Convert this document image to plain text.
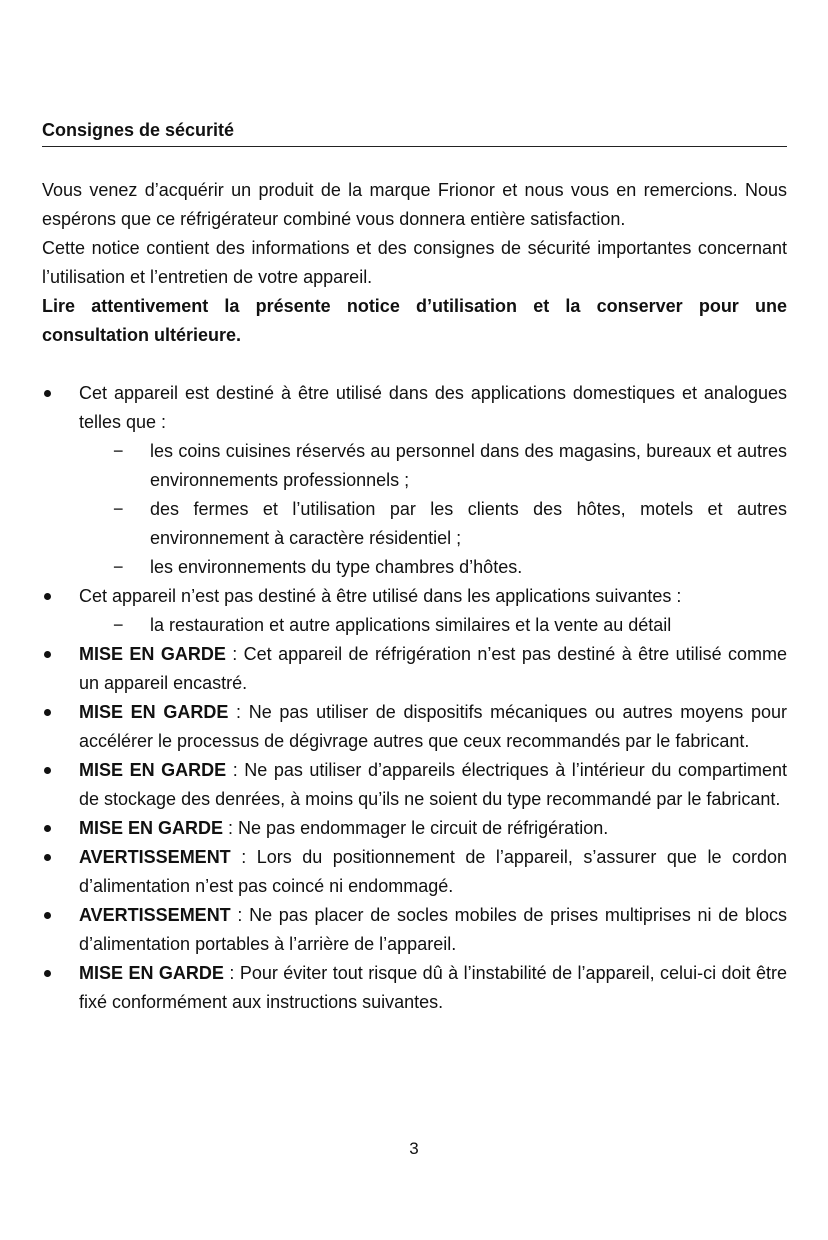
Consignes de sécurité

Vous venez d’acquérir un produit de la marque Frionor et nous vous en remercions. Nous espérons que ce réfrigérateur combiné vous donnera entière satisfaction.

Cette notice contient des informations et des consignes de sécurité importantes concernant l’utilisation et l’entretien de votre appareil.

Lire attentivement la présente notice d’utilisation et la conserver pour une consultation ultérieure.

Cet appareil est destiné à être utilisé dans des applications domestiques et analogues telles que :
− les coins cuisines réservés au personnel dans des magasins, bureaux et autres environnements professionnels ;
− des fermes et l’utilisation par les clients des hôtes, motels et autres environnement à caractère résidentiel ;
− les environnements du type chambres d’hôtes.
Cet appareil n’est pas destiné à être utilisé dans les applications suivantes :
− la restauration et autre applications similaires et la vente au détail
MISE EN GARDE : Cet appareil de réfrigération n’est pas destiné à être utilisé comme un appareil encastré.
MISE EN GARDE : Ne pas utiliser de dispositifs mécaniques ou autres moyens pour accélérer le processus de dégivrage autres que ceux recommandés par le fabricant.
MISE EN GARDE : Ne pas utiliser d’appareils électriques à l’intérieur du compartiment de stockage des denrées, à moins qu’ils ne soient du type recommandé par le fabricant.
MISE EN GARDE : Ne pas endommager le circuit de réfrigération.
AVERTISSEMENT : Lors du positionnement de l’appareil, s’assurer que le cordon d’alimentation n’est pas coincé ni endommagé.
AVERTISSEMENT : Ne pas placer de socles mobiles de prises multiprises ni de blocs d’alimentation portables à l’arrière de l’appareil.
MISE EN GARDE : Pour éviter tout risque dû à l’instabilité de l’appareil, celui-ci doit être fixé conformément aux instructions suivantes.
3
